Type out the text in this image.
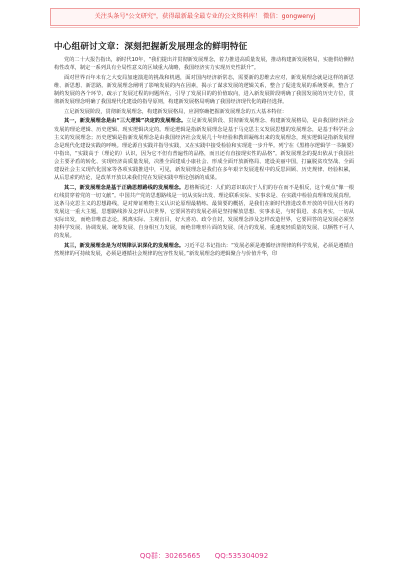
关注头条号"公文研究"，获得最新最全最专业的公文资料库！ 微信：gongwenyj
中心组研讨文章：深刻把握新发展理念的鲜明特征

党的二十大报告指出，新时代10年，“我们提出并贯彻新发展理念，着力推进高质量发展，推动构建新发展格局，实施供给侧结构性改革，制定一系列具有全局性意义的区域重大战略，我国经济实力实现历史性跃升”。

面对世界百年未有之大变局加速演进的挑战和机遇，面对国内经济新常态，需要新的思维去应对，新发展理念就是这样的新思维、新思想、新思路。新发展理念阐明了影响发展的内在因素，揭示了谋求发展的逻辑关系，整合了促进发展的系统要素，整合了制约发展的各个环节，疏示了发展过程的问题所在，引导了发展目的的价值取向，进入新发展阶段明确了我国发展的历史方位，贯彻新发展理念明确了我国现代化建设的指导原则，构建新发展格局明确了我国经济现代化的路径选择。

立足新发展阶段，贯彻新发展理念，构建新发展格局，应洞察确把握新发展理念的五大基本特征：

其一，新发展理念是由“三大逻辑”决定的发展理念。立足新发展阶段、贯彻新发展理念、构建新发展格局，是由我国经济社会发展的理论逻辑、历史逻辑、现实逻辑决定的。理论逻辑是指新发展理念是基于马克思主义发展思想的发展理念，是基于科学社会主义的发展理念；历史逻辑是指新发展理念是由我国经济社会发展几十年经验和教训凝练出来的发展理念，现实逻辑是指新发展理念是现代化建设实践的呼唤。理论源自实践并指导实践，又在实践中接受检验和实现进一步升华。列宁在《黑格尔逻辑学一书摘要》中指出，“实践高于（理论的）认识，因为它不但有普遍性的品格，而且还有直接现实性的品格”。新发展理念的提出依从于我国社会主要矛盾的转化、实现经济高质量发展，决胜全面建成小康社会、形成全面开放新格局、建设美丽中国，打赢脱贫攻坚战、全面建设社会主义现代化国家等各项实践推进中，可见，新发展理念是我们在多年艰辛发展进程中的反思回顾、历史规律、经验积累，从后思索的结论，是改革开放以来我们党在发展实践中理论创新的成果。

其二，新发展理念是基于正确思想路线的发展理念。恩格斯说过：人们的意识取决于人们的存在而不是相反，这个观点“像一根红线贯穿着党的一切文献”。中国共产党的思想路线是一切从实际出发、理论联系实际、实事求是、在实践中检验真理和发展真理。这条马克思主义的思想路线，是对辩证唯物主义认识论原理最精练、最简要的概括，是我们在新时代推进改革开放的中国大任务的发展这一重大主题，思想路线涉及怎样认识世界，它要回答的发展必须是坚持解放思想、实事求是，与时俱进、求真务实，一切从实际出发，而绝非唯意志论，脱离实际、主观盲目，好大喜功、政令自封，发展理念涉及怎样改造世界，它要回答的是发展必须坚持科学发展、协调发展、统筹发展、自身相互力发展，而绝非唯形片面的发展、闭合的发展、重速度轻质量的发展、以牺牲不可人的发展。

其三，新发展理念是为对规律认识深化的发展理念。习近平总书记指出：“发展必须是遵循经济规律的科学发展，必须是遵循自然规律的可持续发展，必须是遵循社会规律的包容性发展。”新发展理念的逻辑聚合与价值升华，印

QQ群：30265665 QQ:535304092
